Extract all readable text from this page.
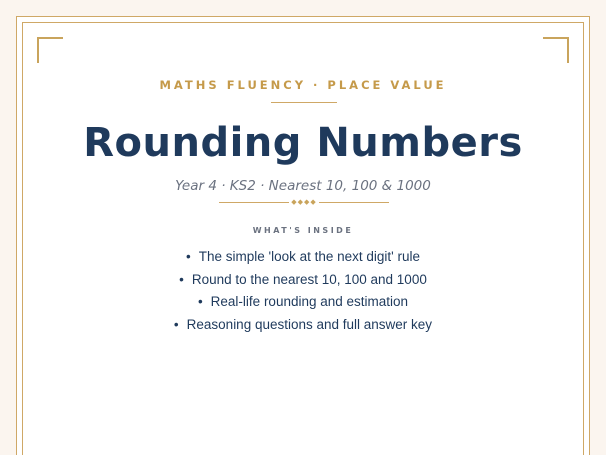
MATHS FLUENCY · PLACE VALUE
Rounding Numbers
Year 4 · KS2 · Nearest 10, 100 & 1000
◆◆◆◆
WHAT'S INSIDE
• The simple 'look at the next digit' rule
• Round to the nearest 10, 100 and 1000
• Real-life rounding and estimation
• Reasoning questions and full answer key
